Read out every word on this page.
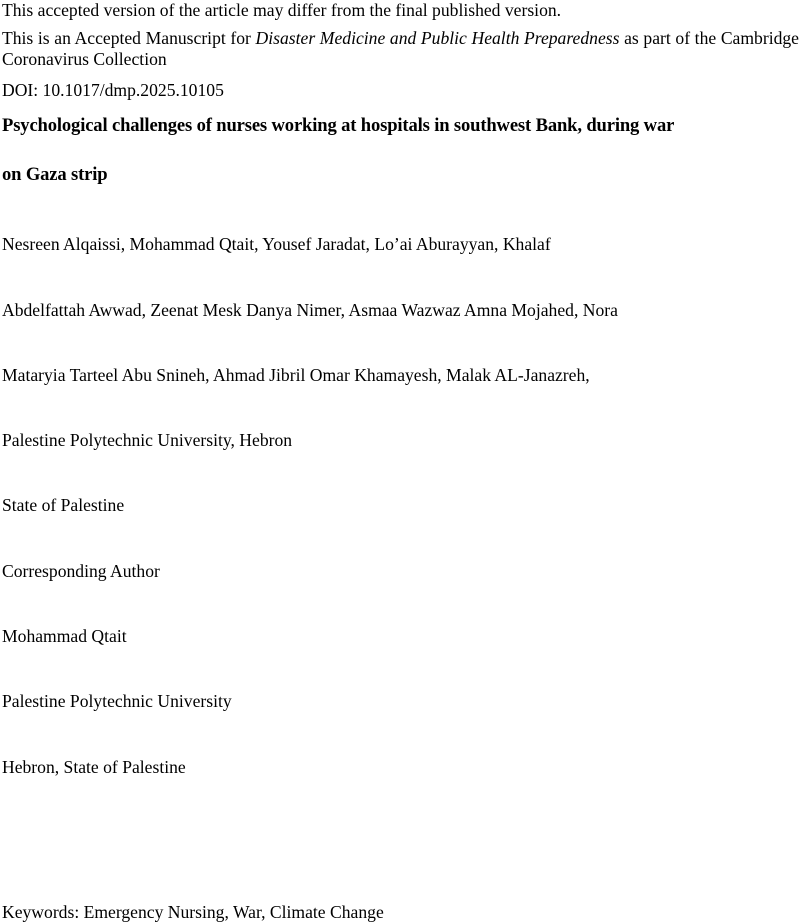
This accepted version of the article may differ from the final published version.

This is an Accepted Manuscript for Disaster Medicine and Public Health Preparedness as part of the Cambridge Coronavirus Collection

DOI: 10.1017/dmp.2025.10105

Psychological challenges of nurses working at hospitals in southwest Bank, during war
on Gaza strip

Nesreen Alqaissi, Mohammad Qtait, Yousef Jaradat, Lo’ai Aburayyan, Khalaf

Abdelfattah Awwad, Zeenat Mesk Danya Nimer, Asmaa Wazwaz Amna Mojahed, Nora

Mataryia Tarteel Abu Snineh, Ahmad Jibril Omar Khamayesh, Malak AL-Janazreh,

Palestine Polytechnic University, Hebron

State of Palestine

Corresponding Author

Mohammad Qtait

Palestine Polytechnic University

Hebron, State of Palestine

Keywords: Emergency Nursing, War, Climate Change
